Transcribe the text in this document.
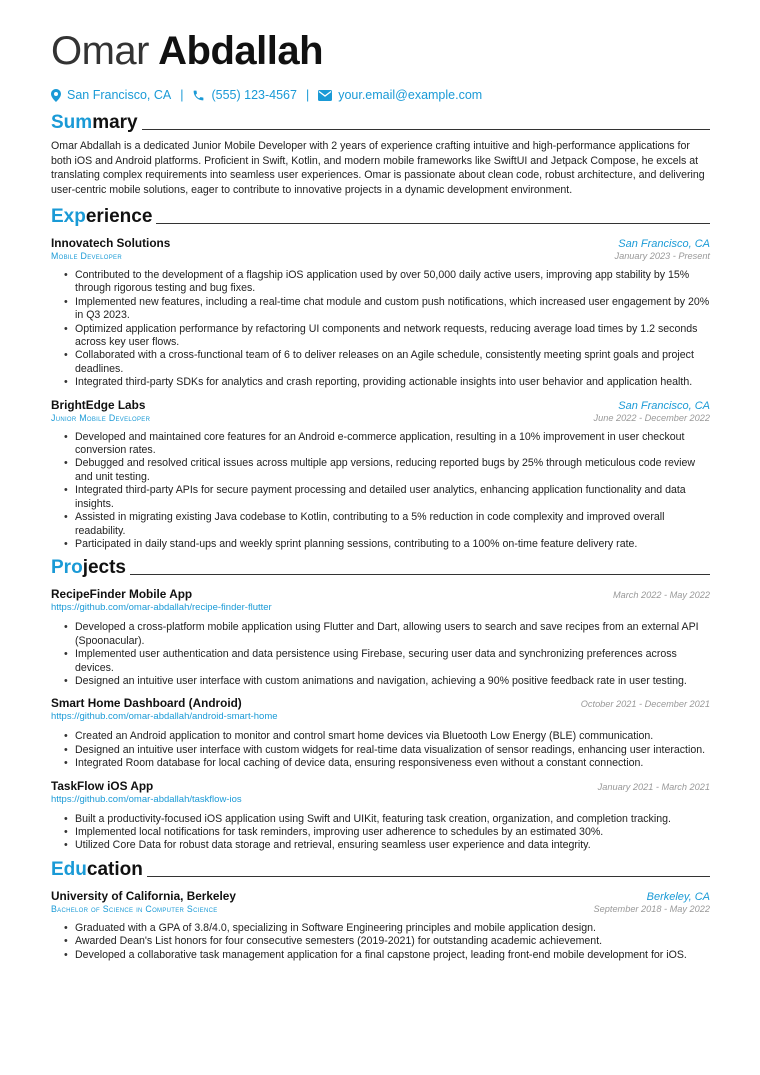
Omar Abdallah
San Francisco, CA | (555) 123-4567 | your.email@example.com
Summary
Omar Abdallah is a dedicated Junior Mobile Developer with 2 years of experience crafting intuitive and high-performance applications for both iOS and Android platforms. Proficient in Swift, Kotlin, and modern mobile frameworks like SwiftUI and Jetpack Compose, he excels at translating complex requirements into seamless user experiences. Omar is passionate about clean code, robust architecture, and delivering user-centric mobile solutions, eager to contribute to innovative projects in a dynamic development environment.
Experience
Innovatech Solutions	San Francisco, CA
Mobile Developer	January 2023 - Present
• Contributed to the development of a flagship iOS application used by over 50,000 daily active users, improving app stability by 15% through rigorous testing and bug fixes.
• Implemented new features, including a real-time chat module and custom push notifications, which increased user engagement by 20% in Q3 2023.
• Optimized application performance by refactoring UI components and network requests, reducing average load times by 1.2 seconds across key user flows.
• Collaborated with a cross-functional team of 6 to deliver releases on an Agile schedule, consistently meeting sprint goals and project deadlines.
• Integrated third-party SDKs for analytics and crash reporting, providing actionable insights into user behavior and application health.
BrightEdge Labs	San Francisco, CA
Junior Mobile Developer	June 2022 - December 2022
• Developed and maintained core features for an Android e-commerce application, resulting in a 10% improvement in user checkout conversion rates.
• Debugged and resolved critical issues across multiple app versions, reducing reported bugs by 25% through meticulous code review and unit testing.
• Integrated third-party APIs for secure payment processing and detailed user analytics, enhancing application functionality and data insights.
• Assisted in migrating existing Java codebase to Kotlin, contributing to a 5% reduction in code complexity and improved overall readability.
• Participated in daily stand-ups and weekly sprint planning sessions, contributing to a 100% on-time feature delivery rate.
Projects
RecipeFinder Mobile App	March 2022 - May 2022
https://github.com/omar-abdallah/recipe-finder-flutter
• Developed a cross-platform mobile application using Flutter and Dart, allowing users to search and save recipes from an external API (Spoonacular).
• Implemented user authentication and data persistence using Firebase, securing user data and synchronizing preferences across devices.
• Designed an intuitive user interface with custom animations and navigation, achieving a 90% positive feedback rate in user testing.
Smart Home Dashboard (Android)	October 2021 - December 2021
https://github.com/omar-abdallah/android-smart-home
• Created an Android application to monitor and control smart home devices via Bluetooth Low Energy (BLE) communication.
• Designed an intuitive user interface with custom widgets for real-time data visualization of sensor readings, enhancing user interaction.
• Integrated Room database for local caching of device data, ensuring responsiveness even without a constant connection.
TaskFlow iOS App	January 2021 - March 2021
https://github.com/omar-abdallah/taskflow-ios
• Built a productivity-focused iOS application using Swift and UIKit, featuring task creation, organization, and completion tracking.
• Implemented local notifications for task reminders, improving user adherence to schedules by an estimated 30%.
• Utilized Core Data for robust data storage and retrieval, ensuring seamless user experience and data integrity.
Education
University of California, Berkeley	Berkeley, CA
Bachelor of Science in Computer Science	September 2018 - May 2022
• Graduated with a GPA of 3.8/4.0, specializing in Software Engineering principles and mobile application design.
• Awarded Dean's List honors for four consecutive semesters (2019-2021) for outstanding academic achievement.
• Developed a collaborative task management application for a final capstone project, leading front-end mobile development for iOS.
